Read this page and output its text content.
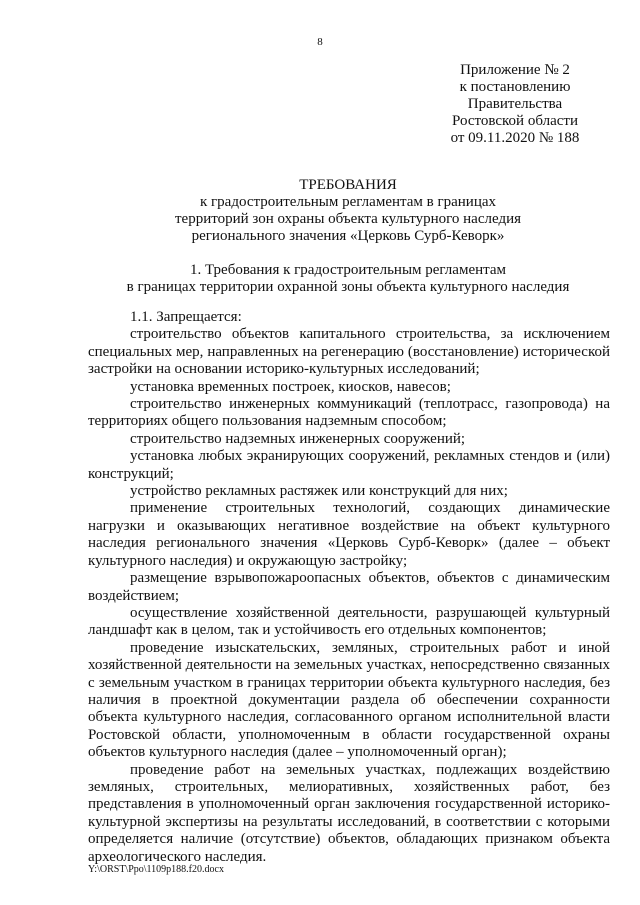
8
Приложение № 2
к постановлению
Правительства
Ростовской области
от 09.11.2020 № 188
ТРЕБОВАНИЯ
к градостроительным регламентам в границах
территорий зон охраны объекта культурного наследия
регионального значения «Церковь Сурб-Кеворк»
1. Требования к градостроительным регламентам
в границах территории охранной зоны объекта культурного наследия

1.1. Запрещается:

строительство объектов капитального строительства, за исключением специальных мер, направленных на регенерацию (восстановление) исторической застройки на основании историко-культурных исследований;

установка временных построек, киосков, навесов;

строительство инженерных коммуникаций (теплотрасс, газопровода) на территориях общего пользования надземным способом;

строительство надземных инженерных сооружений;

установка любых экранирующих сооружений, рекламных стендов и (или) конструкций;

устройство рекламных растяжек или конструкций для них;

применение строительных технологий, создающих динамические нагрузки и оказывающих негативное воздействие на объект культурного наследия регионального значения «Церковь Сурб-Кеворк» (далее – объект культурного наследия) и окружающую застройку;

размещение взрывопожароопасных объектов, объектов с динамическим воздействием;

осуществление хозяйственной деятельности, разрушающей культурный ландшафт как в целом, так и устойчивость его отдельных компонентов;

проведение изыскательских, земляных, строительных работ и иной хозяйственной деятельности на земельных участках, непосредственно связанных с земельным участком в границах территории объекта культурного наследия, без наличия в проектной документации раздела об обеспечении сохранности объекта культурного наследия, согласованного органом исполнительной власти Ростовской области, уполномоченным в области государственной охраны объектов культурного наследия (далее – уполномоченный орган);

проведение работ на земельных участках, подлежащих воздействию земляных, строительных, мелиоративных, хозяйственных работ, без представления в уполномоченный орган заключения государственной историко-культурной экспертизы на результаты исследований, в соответствии с которыми определяется наличие (отсутствие) объектов, обладающих признаком объекта археологического наследия.

Y:\ORST\Ppo\1109p188.f20.docx
